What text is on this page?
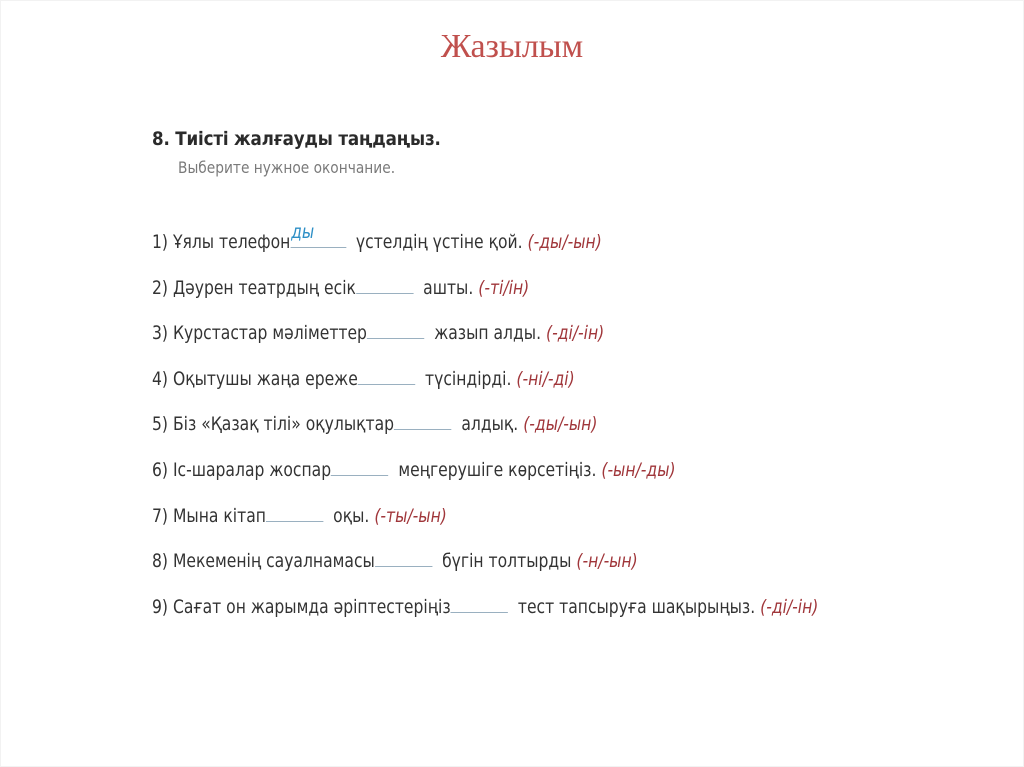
Жазылым
8. Тиісті жалғауды таңдаңыз.
Выберите нужное окончание.
1) Ұялы телефон ды үстелдің үстіне қой. (-ды/-ын)
2) Дәурен театрдың есік	ашты. (-ті/ін)
3) Курстастар мәліметтер	жазып алды. (-ді/-ін)
4) Оқытушы жаңа ереже	түсіндірді. (-ні/-ді)
5) Біз «Қазақ тілі» оқулықтар	алдық. (-ды/-ын)
6) Іс-шаралар жоспар	меңгерушіге көрсетіңіз. (-ын/-ды)
7) Мына кітап	оқы. (-ты/-ын)
8) Мекеменің сауалнамасы	бүгін толтырды (-н/-ын)
9) Сағат он жарымда әріптестеріңіз	тест тапсыруға шақырыңыз. (-ді/-ін)
